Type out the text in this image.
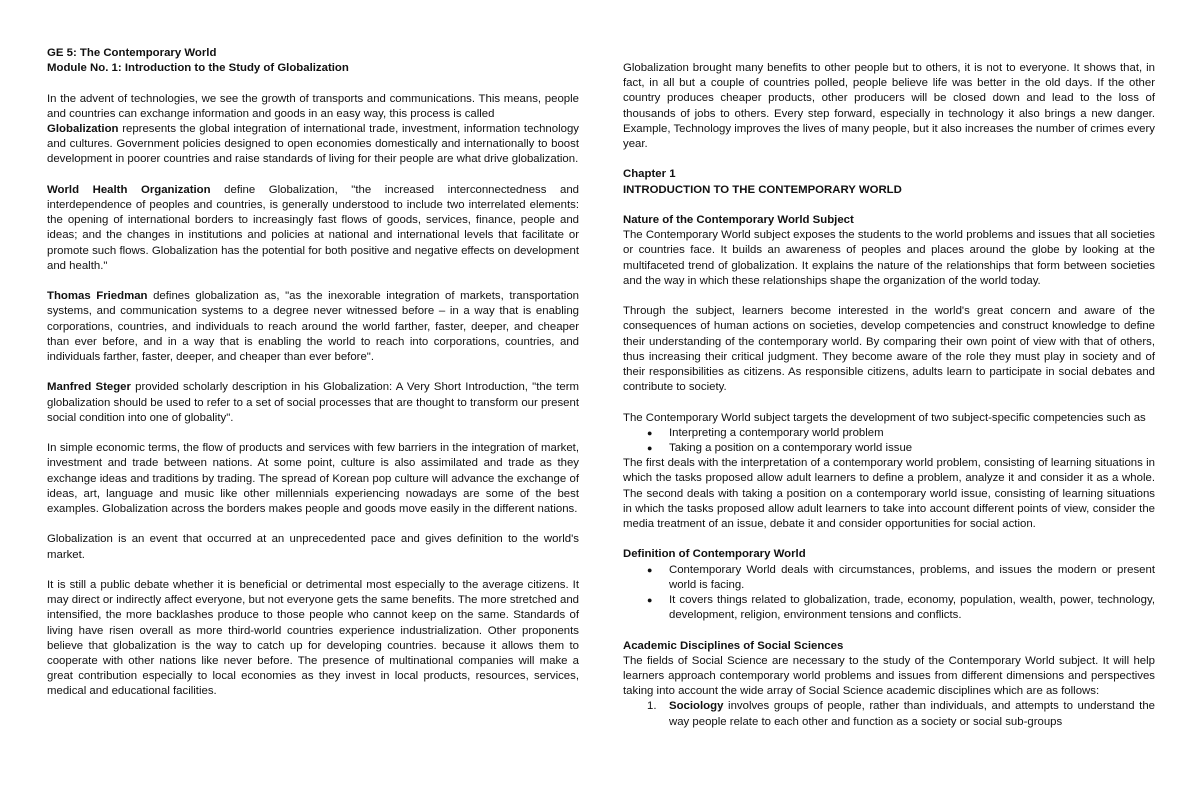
GE 5: The Contemporary World

Module No. 1: Introduction to the Study of Globalization

In the advent of technologies, we see the growth of transports and communications. This means, people and countries can exchange information and goods in an easy way, this process is called
Globalization represents the global integration of international trade, investment, information technology and cultures. Government policies designed to open economies domestically and internationally to boost development in poorer countries and raise standards of living for their people are what drive globalization.

World Health Organization define Globalization, "the increased interconnectedness and interdependence of peoples and countries, is generally understood to include two interrelated elements: the opening of international borders to increasingly fast flows of goods, services, finance, people and ideas; and the changes in institutions and policies at national and international levels that facilitate or promote such flows. Globalization has the potential for both positive and negative effects on development and health."

Thomas Friedman defines globalization as, "as the inexorable integration of markets, transportation systems, and communication systems to a degree never witnessed before – in a way that is enabling corporations, countries, and individuals to reach around the world farther, faster, deeper, and cheaper than ever before, and in a way that is enabling the world to reach into corporations, countries, and individuals farther, faster, deeper, and cheaper than ever before".

Manfred Steger provided scholarly description in his Globalization: A Very Short Introduction, "the term globalization should be used to refer to a set of social processes that are thought to transform our present social condition into one of globality".

In simple economic terms, the flow of products and services with few barriers in the integration of market, investment and trade between nations. At some point, culture is also assimilated and trade as they exchange ideas and traditions by trading. The spread of Korean pop culture will advance the exchange of ideas, art, language and music like other millennials experiencing nowadays are some of the best examples. Globalization across the borders makes people and goods move easily in the different nations.

Globalization is an event that occurred at an unprecedented pace and gives definition to the world's market.

It is still a public debate whether it is beneficial or detrimental most especially to the average citizens. It may direct or indirectly affect everyone, but not everyone gets the same benefits. The more stretched and intensified, the more backlashes produce to those people who cannot keep on the same. Standards of living have risen overall as more third-world countries experience industrialization. Other proponents believe that globalization is the way to catch up for developing countries. because it allows them to cooperate with other nations like never before. The presence of multinational companies will make a great contribution especially to local economies as they invest in local products, resources, services, medical and educational facilities.

Globalization brought many benefits to other people but to others, it is not to everyone. It shows that, in fact, in all but a couple of countries polled, people believe life was better in the old days. If the other country produces cheaper products, other producers will be closed down and lead to the loss of thousands of jobs to others. Every step forward, especially in technology it also brings a new danger. Example, Technology improves the lives of many people, but it also increases the number of crimes every year.

Chapter 1

INTRODUCTION TO THE CONTEMPORARY WORLD

Nature of the Contemporary World Subject

The Contemporary World subject exposes the students to the world problems and issues that all societies or countries face. It builds an awareness of peoples and places around the globe by looking at the multifaceted trend of globalization. It explains the nature of the relationships that form between societies and the way in which these relationships shape the organization of the world today.

Through the subject, learners become interested in the world's great concern and aware of the consequences of human actions on societies, develop competencies and construct knowledge to define their understanding of the contemporary world. By comparing their own point of view with that of others, thus increasing their critical judgment. They become aware of the role they must play in society and of their responsibilities as citizens. As responsible citizens, adults learn to participate in social debates and contribute to society.

The Contemporary World subject targets the development of two subject-specific competencies such as

● Interpreting a contemporary world problem
● Taking a position on a contemporary world issue

The first deals with the interpretation of a contemporary world problem, consisting of learning situations in which the tasks proposed allow adult learners to define a problem, analyze it and consider it as a whole. The second deals with taking a position on a contemporary world issue, consisting of learning situations in which the tasks proposed allow adult learners to take into account different points of view, consider the media treatment of an issue, debate it and consider opportunities for social action.

Definition of Contemporary World

● Contemporary World deals with circumstances, problems, and issues the modern or present world is facing.
● It covers things related to globalization, trade, economy, population, wealth, power, technology, development, religion, environment tensions and conflicts.

Academic Disciplines of Social Sciences

The fields of Social Science are necessary to the study of the Contemporary World subject. It will help learners approach contemporary world problems and issues from different dimensions and perspectives taking into account the wide array of Social Science academic disciplines which are as follows:

1. Sociology involves groups of people, rather than individuals, and attempts to understand the way people relate to each other and function as a society or social sub-groups
